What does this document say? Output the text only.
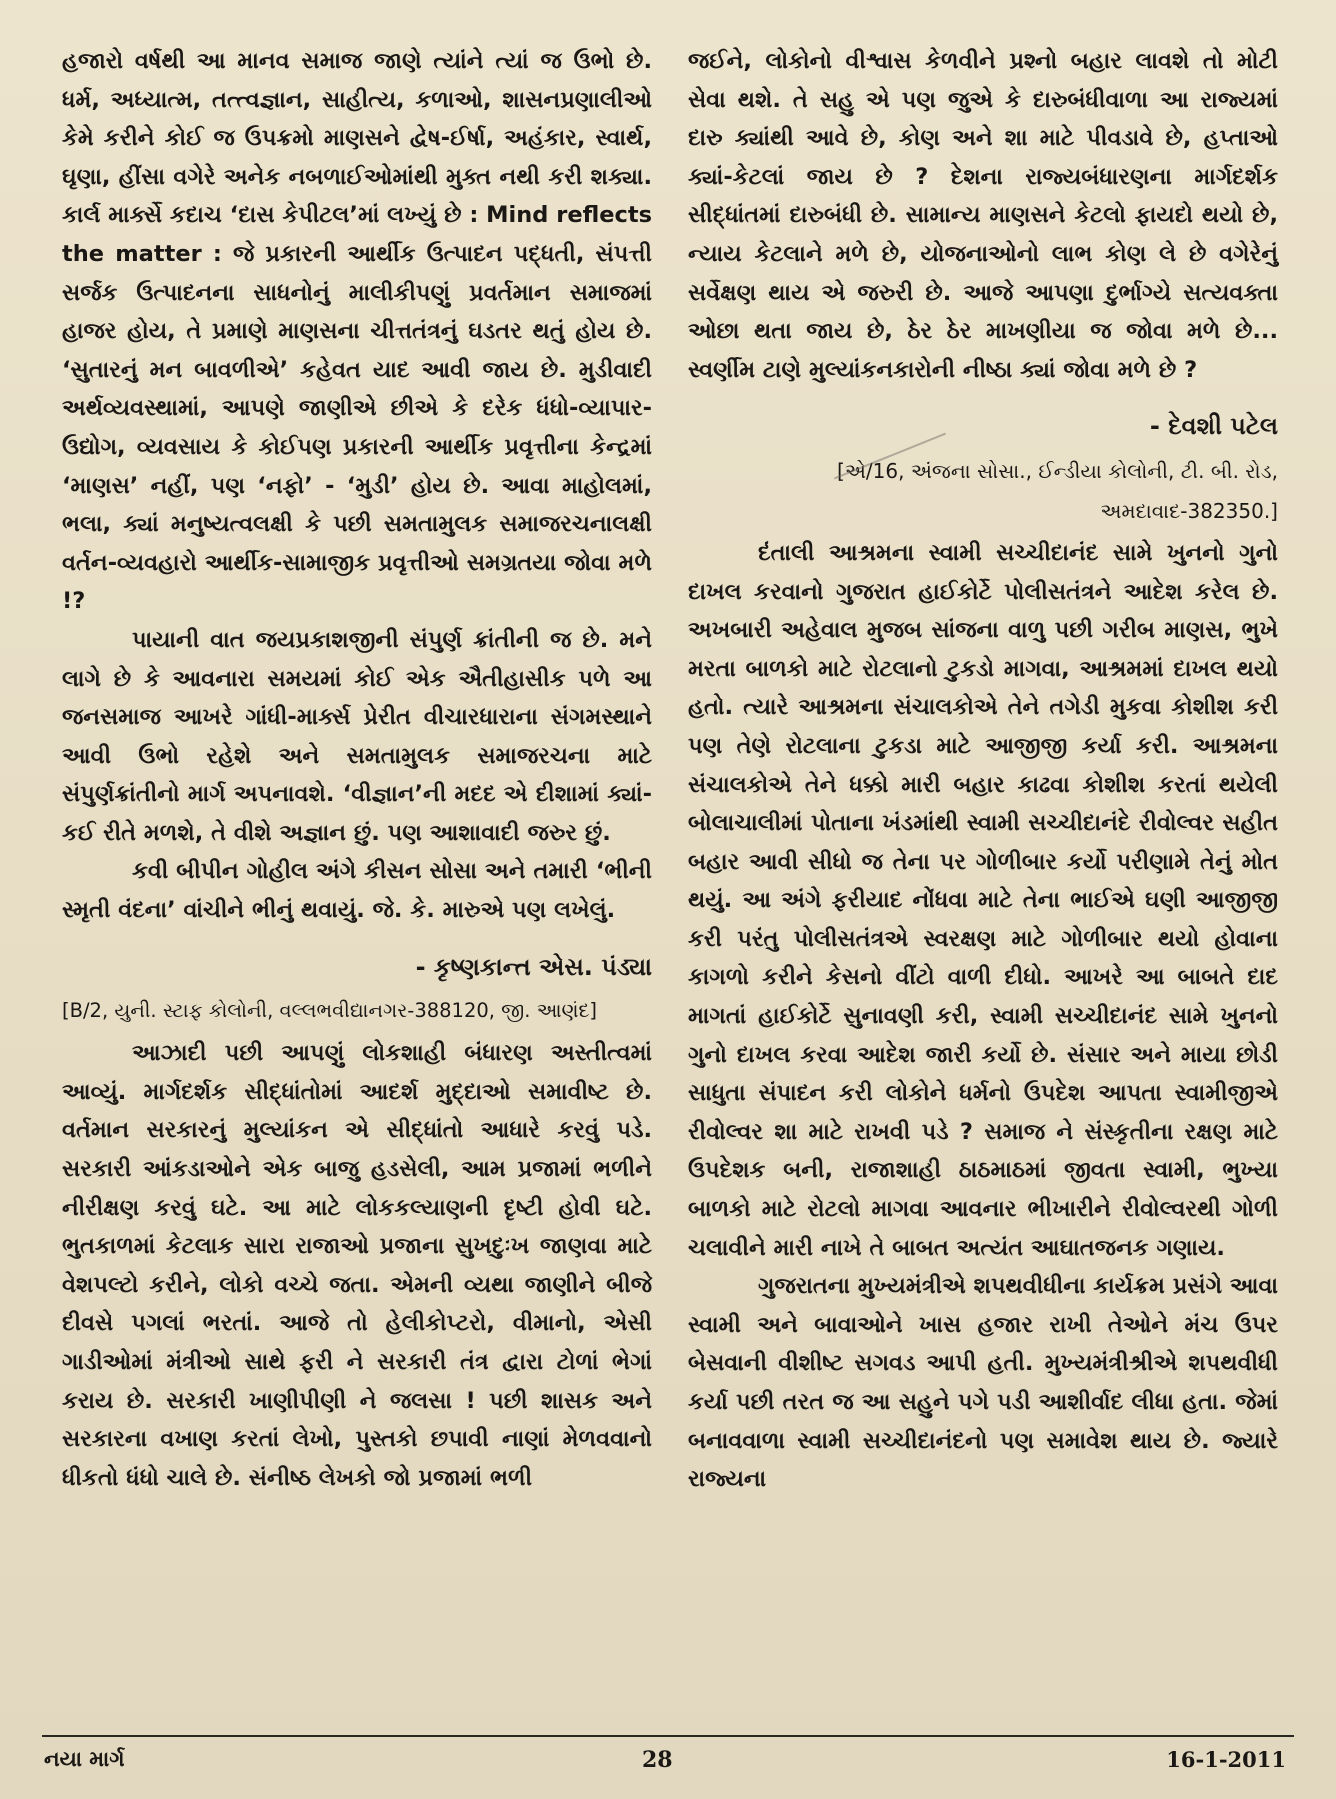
હજારો વર્ષથી આ માનવ સમાજ જાણે ત્યાંને ત્યાં જ ઉભો છે. ધર્મ, અધ્યાત્મ, તત્ત્વજ્ઞાન, સાહીત્ય, કળાઓ, શાસનપ્રણાલીઓ કેમે કરીને કોઈ જ ઉપક્રમો માણસને દ્વેષ-ઈર્ષા, અહંકાર, સ્વાર્થ, ઘૃણા, હીંસા વગેરે અનેક નબળાઈઓમાંથી મુક્ત નથી કરી શક્યા. કાર્લ માર્ક્સે કદાચ ‘દાસ કેપીટલ’માં લખ્યું છે : Mind reflects the matter : જે પ્રકારની આર્થીક ઉત્પાદન પદ્ધતી, સંપત્તી સર્જક ઉત્પાદનના સાધનોનું માલીકીપણું પ્રવર્તમાન સમાજમાં હાજર હોય, તે પ્રમાણે માણસના ચીત્તતંત્રનું ઘડતર થતું હોય છે. ‘સુતારનું મન બાવળીએ’ કહેવત યાદ આવી જાય છે. મુડીવાદી અર્થવ્યવસ્થામાં, આપણે જાણીએ છીએ કે દરેક ધંધો-વ્યાપાર- ઉદ્યોગ, વ્યવસાય કે કોઈપણ પ્રકારની આર્થીક પ્રવૃત્તીના કેન્દ્રમાં ‘માણસ’ નહીં, પણ ‘નફો’ - ‘મુડી’ હોય છે. આવા માહોલમાં, ભલા, ક્યાં મનુષ્યત્વલક્ષી કે પછી સમતામુલક સમાજરચનાલક્ષી વર્તન-વ્યવહારો આર્થીક-સામાજીક પ્રવૃત્તીઓ સમગ્રતયા જોવા મળે !?

પાયાની વાત જયપ્રકાશજીની સંપુર્ણ ક્રાંતીની જ છે. મને લાગે છે કે આવનારા સમયમાં કોઈ એક ઐતીહાસીક પળે આ જનસમાજ આખરે ગાંધી-માર્ક્સ પ્રેરીત વીચારધારાના સંગમસ્થાને આવી ઉભો રહેશે અને સમતામુલક સમાજરચના માટે સંપુર્ણક્રાંતીનો માર્ગ અપનાવશે. ‘વીજ્ઞાન’ની મદદ એ દીશામાં ક્યાં-કઈ રીતે મળશે, તે વીશે અજ્ઞાન છું. પણ આશાવાદી જરુર છું.

કવી બીપીન ગોહીલ અંગે કીસન સોસા અને તમારી ‘ભીની સ્મૃતી વંદના’ વાંચીને ભીનું થવાયું. જે. કે. મારુએ પણ લખેલું.

- કૃષ્ણકાન્ત એસ. પંડ્યા
[B/2, યુની. સ્ટાફ કોલોની, વલ્લભવીદ્યાનગર-388120, જી. આણંદ]

આઝાદી પછી આપણું લોકશાહી બંધારણ અસ્તીત્વમાં આવ્યું. માર્ગદર્શક સીદ્ધાંતોમાં આદર્શ મુદ્દાઓ સમાવીષ્ટ છે. વર્તમાન સરકારનું મુલ્યાંકન એ સીદ્ધાંતો આધારે કરવું પડે. સરકારી આંકડાઓને એક બાજુ હડસેલી, આમ પ્રજામાં ભળીને નીરીક્ષણ કરવું ઘટે. આ માટે લોકકલ્યાણની દૃષ્ટી હોવી ઘટે. ભુતકાળમાં કેટલાક સારા રાજાઓ પ્રજાના સુખદુઃખ જાણવા માટે વેશપલ્ટો કરીને, લોકો વચ્ચે જતા. એમની વ્યથા જાણીને બીજે દીવસે પગલાં ભરતાં. આજે તો હેલીકોપ્ટરો, વીમાનો, એસી ગાડીઓમાં મંત્રીઓ સાથે ફરી ને સરકારી તંત્ર દ્વારા ટોળાં ભેગાં કરાય છે. સરકારી ખાણીપીણી ને જલસા ! પછી શાસક અને સરકારના વખાણ કરતાં લેખો, પુસ્તકો છપાવી નાણાં મેળવવાનો ધીકતો ધંધો ચાલે છે. સંનીષ્ઠ લેખકો જો પ્રજામાં ભળી

જઈને, લોકોનો વીશ્વાસ કેળવીને પ્રશ્નો બહાર લાવશે તો મોટી સેવા થશે. તે સહુ એ પણ જુએ કે દારુબંધીવાળા આ રાજ્યમાં દારુ ક્યાંથી આવે છે, કોણ અને શા માટે પીવડાવે છે, હપ્તાઓ ક્યાં-કેટલાં જાય છે ? દેશના રાજ્યબંધારણના માર્ગદર્શક સીદ્ધાંતમાં દારુબંધી છે. સામાન્ય માણસને કેટલો ફાયદો થયો છે, ન્યાય કેટલાને મળે છે, યોજનાઓનો લાભ કોણ લે છે વગેરેનું સર્વેક્ષણ થાય એ જરુરી છે. આજે આપણા દુર્ભાગ્યે સત્યવક્તા ઓછા થતા જાય છે, ઠેર ઠેર માખણીયા જ જોવા મળે છે... સ્વર્ણીમ ટાણે મુલ્યાંકનકારોની નીષ્ઠા ક્યાં જોવા મળે છે ?

- દેવશી પટેલ
[એ/16, અંજના સોસા., ઈન્ડીયા કોલોની, ટી. બી. રોડ,
અમદાવાદ-382350.]

દંતાલી આશ્રમના સ્વામી સચ્ચીદાનંદ સામે ખુનનો ગુનો દાખલ કરવાનો ગુજરાત હાઈકોર્ટે પોલીસતંત્રને આદેશ કરેલ છે. અખબારી અહેવાલ મુજબ સાંજના વાળુ પછી ગરીબ માણસ, ભુખે મરતા બાળકો માટે રોટલાનો ટુકડો માગવા, આશ્રમમાં દાખલ થયો હતો. ત્યારે આશ્રમના સંચાલકોએ તેને તગેડી મુકવા કોશીશ કરી પણ તેણે રોટલાના ટુકડા માટે આજીજી કર્યા કરી. આશ્રમના સંચાલકોએ તેને ધક્કો મારી બહાર કાઢવા કોશીશ કરતાં થયેલી બોલાચાલીમાં પોતાના ખંડમાંથી સ્વામી સચ્ચીદાનંદે રીવોલ્વર સહીત બહાર આવી સીધો જ તેના પર ગોળીબાર કર્યો પરીણામે તેનું મોત થયું. આ અંગે ફરીયાદ નોંધવા માટે તેના ભાઈએ ઘણી આજીજી કરી પરંતુ પોલીસતંત્રએ સ્વરક્ષણ માટે ગોળીબાર થયો હોવાના કાગળો કરીને કેસનો વીંટો વાળી દીધો. આખરે આ બાબતે દાદ માગતાં હાઈકોર્ટે સુનાવણી કરી, સ્વામી સચ્ચીદાનંદ સામે ખુનનો ગુનો દાખલ કરવા આદેશ જારી કર્યો છે. સંસાર અને માયા છોડી સાધુતા સંપાદન કરી લોકોને ધર્મનો ઉપદેશ આપતા સ્વામીજીએ રીવોલ્વર શા માટે રાખવી પડે ? સમાજ ને સંસ્કૃતીના રક્ષણ માટે ઉપદેશક બની, રાજાશાહી ઠાઠમાઠમાં જીવતા સ્વામી, ભુખ્યા બાળકો માટે રોટલો માગવા આવનાર ભીખારીને રીવોલ્વરથી ગોળી ચલાવીને મારી નાખે તે બાબત અત્યંત આઘાતજનક ગણાય.

ગુજરાતના મુખ્યમંત્રીએ શપથવીધીના કાર્યક્રમ પ્રસંગે આવા સ્વામી અને બાવાઓને ખાસ હજાર રાખી તેઓને મંચ ઉપર બેસવાની વીશીષ્ટ સગવડ આપી હતી. મુખ્યમંત્રીશ્રીએ શપથવીધી કર્યા પછી તરત જ આ સહુને પગે પડી આશીર્વાદ લીધા હતા. જેમાં બનાવવાળા સ્વામી સચ્ચીદાનંદનો પણ સમાવેશ થાય છે. જ્યારે રાજ્યના

નયા માર્ગ	28	16-1-2011
